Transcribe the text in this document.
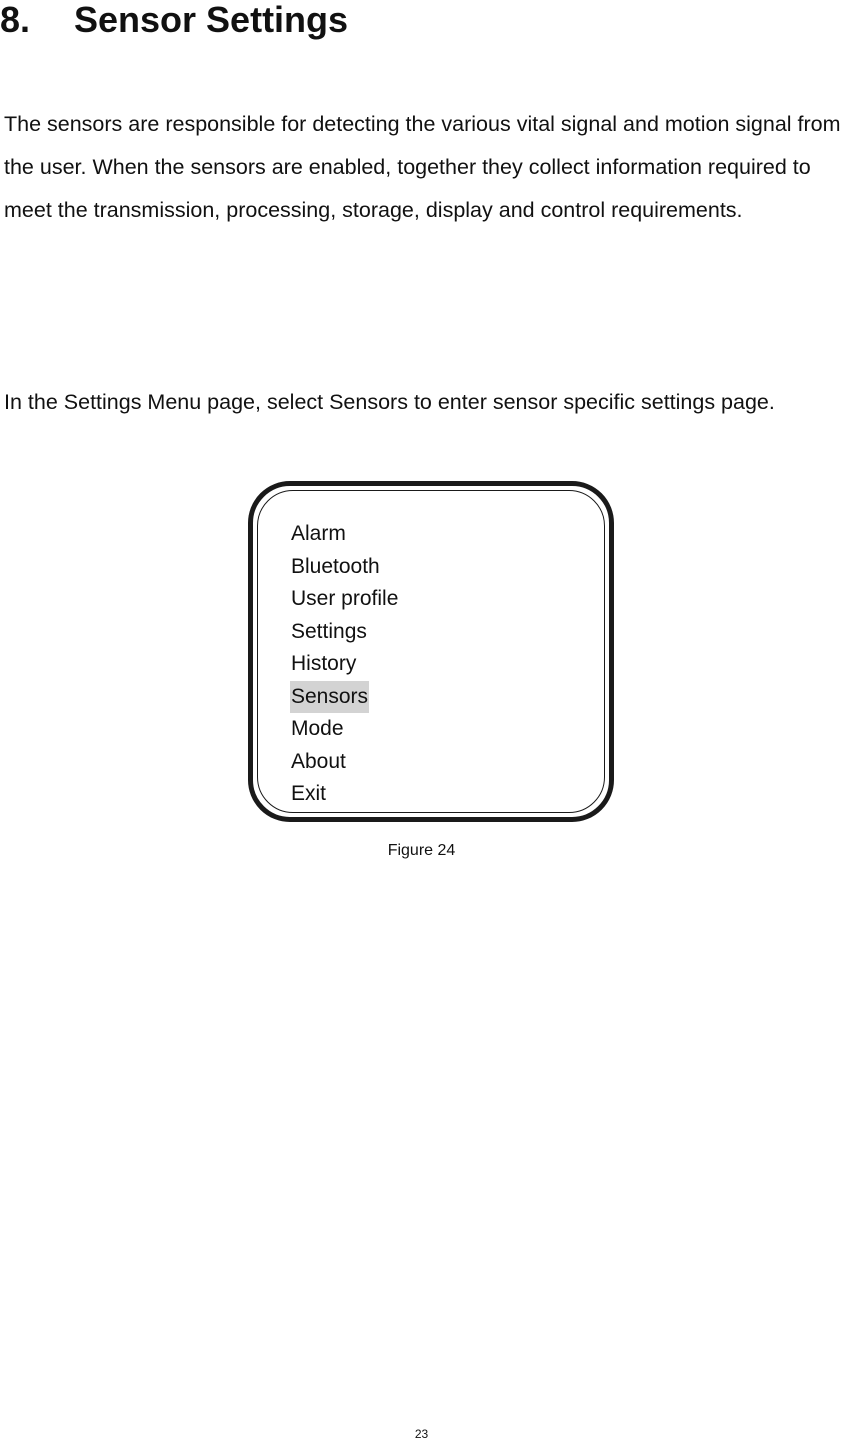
8. Sensor Settings

The sensors are responsible for detecting the various vital signal and motion signal from the user. When the sensors are enabled, together they collect information required to meet the transmission, processing, storage, display and control requirements.

In the Settings Menu page, select Sensors to enter sensor specific settings page.

Alarm
Bluetooth
User profile
Settings
History
Sensors
Mode
About
Exit
Figure 24
23
